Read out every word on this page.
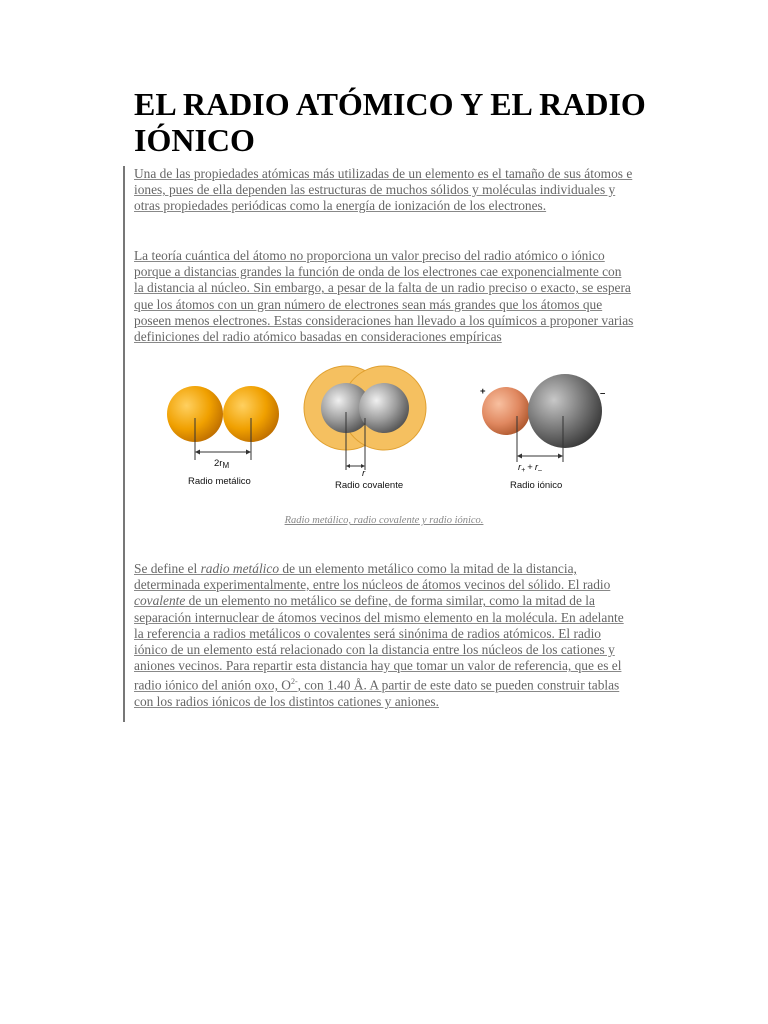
EL RADIO ATÓMICO Y EL RADIO IÓNICO

Una de las propiedades atómicas más utilizadas de un elemento es el tamaño de sus átomos e iones, pues de ella dependen las estructuras de muchos sólidos y moléculas individuales y otras propiedades periódicas como la energía de ionización de los electrones.

La teoría cuántica del átomo no proporciona un valor preciso del radio atómico o iónico porque a distancias grandes la función de onda de los electrones cae exponencialmente con la distancia al núcleo. Sin embargo, a pesar de la falta de un radio preciso o exacto, se espera que los átomos con un gran número de electrones sean más grandes que los átomos que poseen menos electrones. Estas consideraciones han llevado a los químicos a proponer varias definiciones del radio atómico basadas en consideraciones empíricas

$2r_M$
Radio metálico
r
Radio covalente
+	–
$r_+ + r_-$
Radio iónico
Radio metálico, radio covalente y radio iónico.

Se define el radio metálico de un elemento metálico como la mitad de la distancia, determinada experimentalmente, entre los núcleos de átomos vecinos del sólido. El radio covalente de un elemento no metálico se define, de forma similar, como la mitad de la separación internuclear de átomos vecinos del mismo elemento en la molécula. En adelante la referencia a radios metálicos o covalentes será sinónima de radios atómicos. El radio iónico de un elemento está relacionado con la distancia entre los núcleos de los cationes y aniones vecinos. Para repartir esta distancia hay que tomar un valor de referencia, que es el radio iónico del anión oxo, $O^{2-}$, con 1.40 Å. A partir de este dato se pueden construir tablas con los radios iónicos de los distintos cationes y aniones.
